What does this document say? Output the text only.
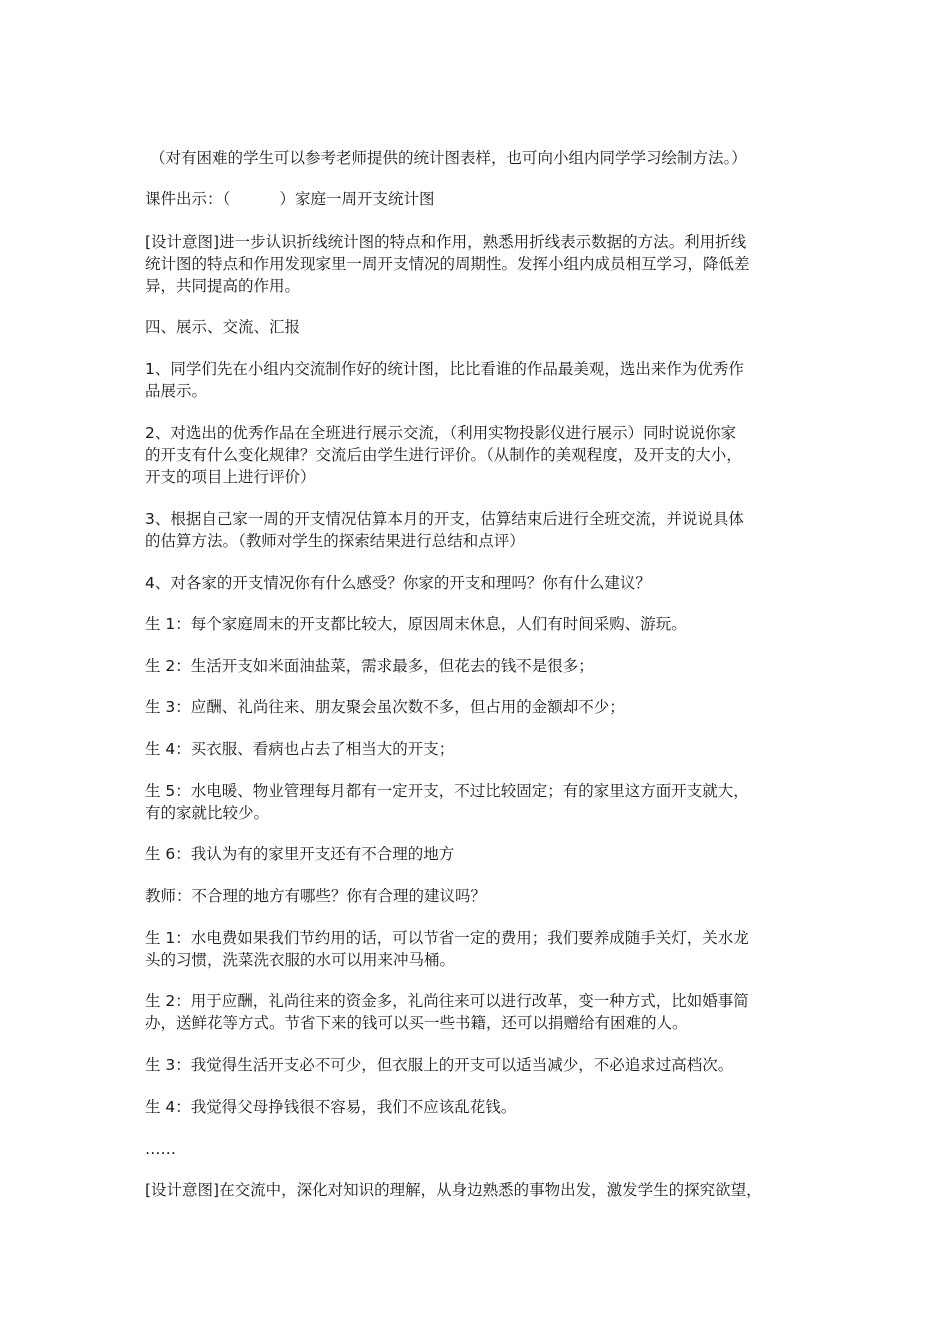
（对有困难的学生可以参考老师提供的统计图表样，也可向小组内同学学习绘制方法。）

课件出示：（          ）家庭一周开支统计图

[设计意图]进一步认识折线统计图的特点和作用，熟悉用折线表示数据的方法。利用折线
统计图的特点和作用发现家里一周开支情况的周期性。发挥小组内成员相互学习，降低差
异，共同提高的作用。

四、展示、交流、汇报

1、同学们先在小组内交流制作好的统计图，比比看谁的作品最美观，选出来作为优秀作
品展示。

2、对选出的优秀作品在全班进行展示交流，（利用实物投影仪进行展示）同时说说你家
的开支有什么变化规律？交流后由学生进行评价。（从制作的美观程度，及开支的大小，
开支的项目上进行评价）

3、根据自己家一周的开支情况估算本月的开支，估算结束后进行全班交流，并说说具体
的估算方法。（教师对学生的探索结果进行总结和点评）

4、对各家的开支情况你有什么感受？你家的开支和理吗？你有什么建议？

生 1：每个家庭周末的开支都比较大，原因周末休息，人们有时间采购、游玩。

生 2：生活开支如米面油盐菜，需求最多，但花去的钱不是很多；

生 3：应酬、礼尚往来、朋友聚会虽次数不多，但占用的金额却不少；

生 4：买衣服、看病也占去了相当大的开支；

生 5：水电暖、物业管理每月都有一定开支，不过比较固定；有的家里这方面开支就大，
有的家就比较少。

生 6：我认为有的家里开支还有不合理的地方

教师：不合理的地方有哪些？你有合理的建议吗？

生 1：水电费如果我们节约用的话，可以节省一定的费用；我们要养成随手关灯，关水龙
头的习惯，洗菜洗衣服的水可以用来冲马桶。

生 2：用于应酬，礼尚往来的资金多，礼尚往来可以进行改革，变一种方式，比如婚事简
办，送鲜花等方式。节省下来的钱可以买一些书籍，还可以捐赠给有困难的人。

生 3：我觉得生活开支必不可少，但衣服上的开支可以适当减少，不必追求过高档次。

生 4：我觉得父母挣钱很不容易，我们不应该乱花钱。

……

[设计意图]在交流中，深化对知识的理解，从身边熟悉的事物出发，激发学生的探究欲望，
